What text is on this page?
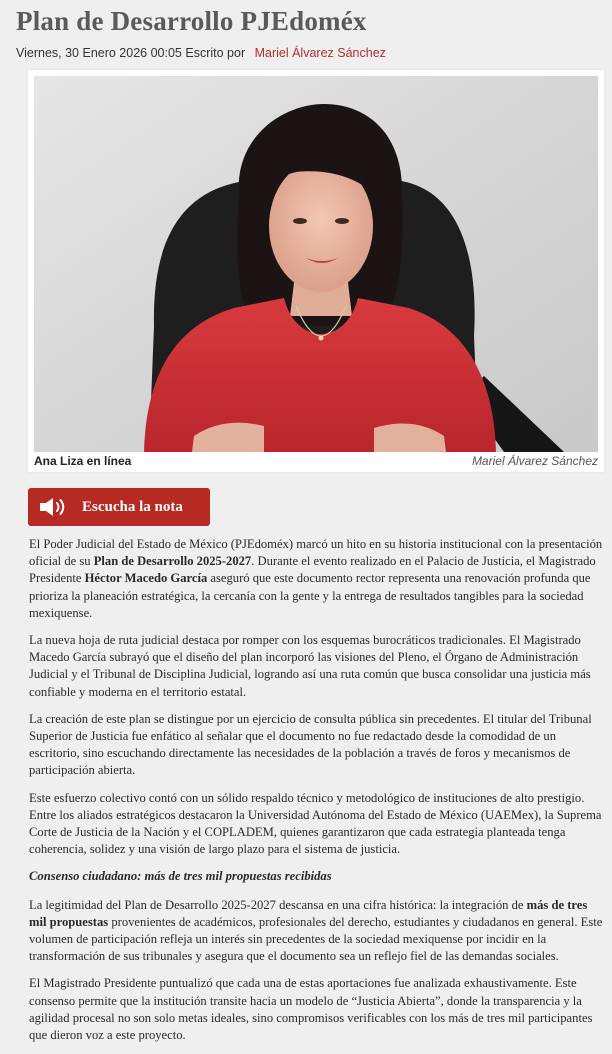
Plan de Desarrollo PJEdoméx
Viernes, 30 Enero 2026 00:05 Escrito por Mariel Álvarez Sánchez
Ana Liza en línea	Mariel Álvarez Sánchez
Escucha la nota

El Poder Judicial del Estado de México (PJEdoméx) marcó un hito en su historia institucional con la presentación oficial de su Plan de Desarrollo 2025-2027. Durante el evento realizado en el Palacio de Justicia, el Magistrado Presidente Héctor Macedo García aseguró que este documento rector representa una renovación profunda que prioriza la planeación estratégica, la cercanía con la gente y la entrega de resultados tangibles para la sociedad mexiquense.

La nueva hoja de ruta judicial destaca por romper con los esquemas burocráticos tradicionales. El Magistrado Macedo García subrayó que el diseño del plan incorporó las visiones del Pleno, el Órgano de Administración Judicial y el Tribunal de Disciplina Judicial, logrando así una ruta común que busca consolidar una justicia más confiable y moderna en el territorio estatal.

La creación de este plan se distingue por un ejercicio de consulta pública sin precedentes. El titular del Tribunal Superior de Justicia fue enfático al señalar que el documento no fue redactado desde la comodidad de un escritorio, sino escuchando directamente las necesidades de la población a través de foros y mecanismos de participación abierta.

Este esfuerzo colectivo contó con un sólido respaldo técnico y metodológico de instituciones de alto prestigio. Entre los aliados estratégicos destacaron la Universidad Autónoma del Estado de México (UAEMex), la Suprema Corte de Justicia de la Nación y el COPLADEM, quienes garantizaron que cada estrategia planteada tenga coherencia, solidez y una visión de largo plazo para el sistema de justicia.

Consenso ciudadano: más de tres mil propuestas recibidas

La legitimidad del Plan de Desarrollo 2025-2027 descansa en una cifra histórica: la integración de más de tres mil propuestas provenientes de académicos, profesionales del derecho, estudiantes y ciudadanos en general. Este volumen de participación refleja un interés sin precedentes de la sociedad mexiquense por incidir en la transformación de sus tribunales y asegura que el documento sea un reflejo fiel de las demandas sociales.

El Magistrado Presidente puntualizó que cada una de estas aportaciones fue analizada exhaustivamente. Este consenso permite que la institución transite hacia un modelo de “Justicia Abierta”, donde la transparencia y la agilidad procesal no son solo metas ideales, sino compromisos verificables con los más de tres mil participantes que dieron voz a este proyecto.
